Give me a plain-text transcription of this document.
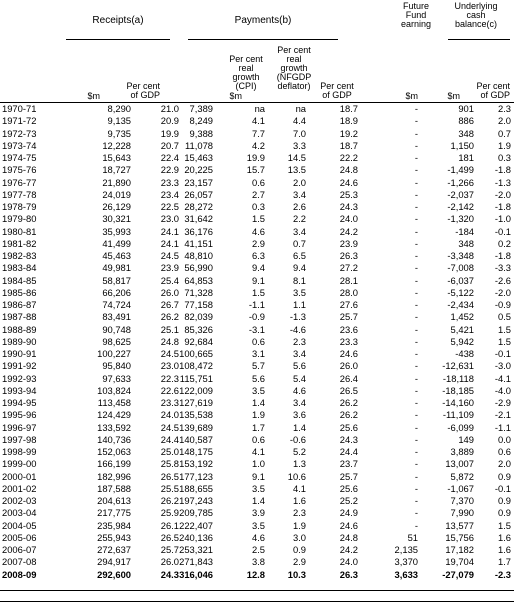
Receipts(a)	Payments(b)
Future
Fund
earning
Underlying
cash
balance(c)
$m
Per cent
of GDP	$m
Per cent
real
growth
(CPI)
Per cent
real
growth
(NFGDP
deflator)	Per cent
of GDP	$m	$m
Per cent
of GDP
1970-71	8,290	21.0 7,389	na	na	18.7	-	901	2.3
1971-72	9,135	20.9 8,249	4.1	4.4	18.9	-	886	2.0
1972-73	9,735	19.9 9,388	7.7	7.0	19.2	-	348	0.7
1973-74	12,228	20.7 11,078	4.2	3.3	18.7	-	1,150	1.9
1974-75	15,643	22.4 15,463	19.9 14.5	22.2	-	181	0.3
1975-76	18,727	22.9 20,225	15.7 13.5	24.8	-	-1,499 -1.8
1976-77	21,890	23.3 23,157	0.6	2.0	24.6	-	-1,266 -1.3
1977-78	24,019	23.4 26,057	2.7	3.4	25.3	-	-2,037 -2.0
1978-79	26,129	22.5 28,272	0.3	2.6	24.3	-	-2,142 -1.8
1979-80	30,321	23.0 31,642	1.5	2.2	24.0	-	-1,320 -1.0
1980-81	35,993	24.1 36,176	4.6	3.4	24.2	-	-184 -0.1
1981-82	41,499	24.1 41,151	2.9	0.7	23.9	-	348	0.2
1982-83	45,463	24.5 48,810	6.3	6.5	26.3	-	-3,348 -1.8
1983-84	49,981	23.9 56,990	9.4	9.4	27.2	-	-7,008 -3.3
1984-85	58,817	25.4 64,853	9.1	8.1	28.1	-	-6,037 -2.6
1985-86	66,206	26.0 71,328	1.5	3.5	28.0	-	-5,122 -2.0
1986-87	74,724	26.7 77,158	-1.1	1.1	27.6	-	-2,434 -0.9
1987-88	83,491	26.2 82,039	-0.9	-1.3	25.7	-	1,452	0.5
1988-89	90,748	25.1 85,326	-3.1	-4.6	23.6	-	5,421	1.5
1989-90	98,625	24.8 92,684	0.6	2.3	23.3	-	5,942	1.5
1990-91	100,227	24.5 100,665	3.1	3.4	24.6	-	-438 -0.1
1991-92	95,840	23.0 108,472	5.7	5.6	26.0	-	-12,631 -3.0
1992-93	97,633	22.3 115,751	5.6	5.4	26.4	-	-18,118 -4.1
1993-94	103,824	22.6 122,009	3.5	4.6	26.5	-	-18,185 -4.0
1994-95	113,458	23.3 127,619	1.4	3.4	26.2	-	-14,160 -2.9
1995-96	124,429	24.0 135,538	1.9	3.6	26.2	-	-11,109 -2.1
1996-97	133,592	24.5 139,689	1.7	1.4	25.6	-	-6,099 -1.1
1997-98	140,736	24.4 140,587	0.6	-0.6	24.3	-	149	0.0
1998-99	152,063	25.0 148,175	4.1	5.2	24.4	-	3,889	0.6
1999-00	166,199	25.8 153,192	1.0	1.3	23.7	-	13,007	2.0
2000-01	182,996	26.5 177,123	9.1 10.6	25.7	-	5,872	0.9
2001-02	187,588	25.5 188,655	3.5	4.1	25.6	-	-1,067 -0.1
2002-03	204,613	26.2 197,243	1.4	1.6	25.2	-	7,370	0.9
2003-04	217,775	25.9 209,785	3.9	2.3	24.9	-	7,990	0.9
2004-05	235,984	26.1 222,407	3.5	1.9	24.6	-	13,577	1.5
2005-06	255,943	26.5 240,136	4.6	3.0	24.8	51	15,756	1.6
2006-07	272,637	25.7 253,321	2.5	0.9	24.2	2,135	17,182	1.6
2007-08	294,917	26.0 271,843	3.8	2.9	24.0	3,370	19,704	1.7
2008-09	292,600	24.3 316,046	12.8 10.3	26.3	3,633	-27,079 -2.3
